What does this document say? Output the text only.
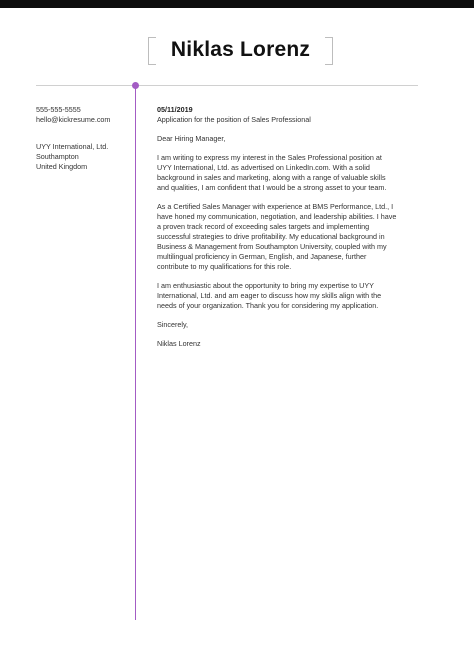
Niklas Lorenz
555-555-5555
hello@kickresume.com
UYY International, Ltd.
Southampton
United Kingdom
05/11/2019
Application for the position of Sales Professional
Dear Hiring Manager,
I am writing to express my interest in the Sales Professional position at
UYY International, Ltd. as advertised on LinkedIn.com. With a solid
background in sales and marketing, along with a range of valuable skills
and qualities, I am confident that I would be a strong asset to your team.
As a Certified Sales Manager with experience at BMS Performance, Ltd., I
have honed my communication, negotiation, and leadership abilities. I have
a proven track record of exceeding sales targets and implementing
successful strategies to drive profitability. My educational background in
Business & Management from Southampton University, coupled with my
multilingual proficiency in German, English, and Japanese, further
contribute to my qualifications for this role.
I am enthusiastic about the opportunity to bring my expertise to UYY
International, Ltd. and am eager to discuss how my skills align with the
needs of your organization. Thank you for considering my application.
Sincerely,
Niklas Lorenz
